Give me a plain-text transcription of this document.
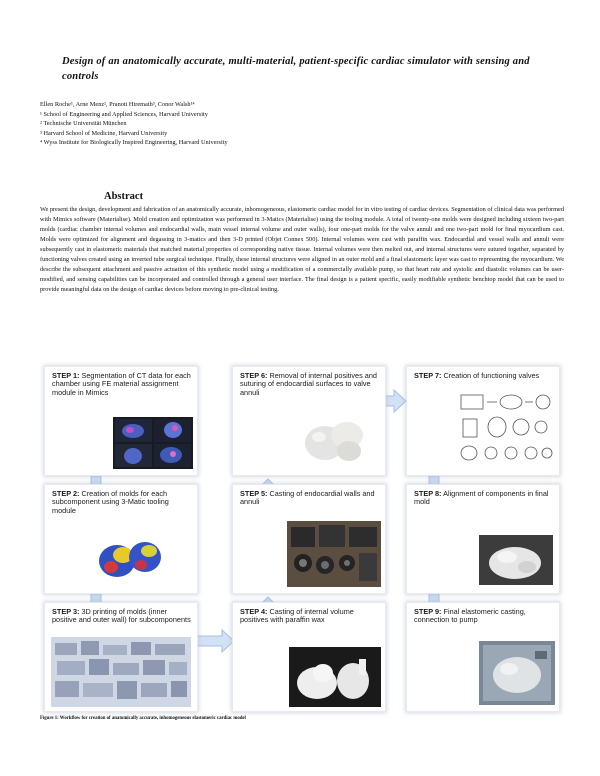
Design of an anatomically accurate, multi-material, patient-specific cardiac simulator with sensing and controls
Ellen Roche¹, Arne Menz², Pranoti Hiremath³, Conor Walsh¹⁴
¹ School of Engineering and Applied Sciences, Harvard University
² Technische Universität München
³ Harvard School of Medicine, Harvard University
⁴ Wyss Institute for Biologically Inspired Engineering, Harvard University
Abstract
We present the design, development and fabrication of an anatomically accurate, inhomogeneous, elastomeric cardiac model for in vitro testing of cardiac devices. Segmentation of clinical data was performed with Mimics software (Materialise). Mold creation and optimization was performed in 3-Matics (Materialise) using the tooling module. A total of twenty-one molds were designed including sixteen two-part molds (cardiac chamber internal volumes and endocardial walls, main vessel internal volume and outer walls), four one-part molds for the valve annuli and one two-part mold for final myocardium cast. Molds were optimized for alignment and degassing in 3-matics and then 3-D printed (Objet Connex 500). Internal volumes were cast with paraffin wax. Endocardial and vessel walls and annuli were subsequently cast in elastomeric materials that matched material properties of corresponding native tissue. Internal volumes were then melted out, and internal structures were sutured together, separated by functioning valves created using an inverted tube surgical technique. Finally, these internal structures were aligned in an outer mold and a final elastomeric layer was cast to representing the myocardium. We describe the subsequent attachment and passive actuation of this synthetic model using a modification of a commercially available pump, so that heart rate and systolic and diastolic volumes can be user-modified, and sensing capabilities can be incorporated and controlled through a general user interface. The final design is a patient specific, easily modifiable synthetic benchtop model that can be used to provide meaningful data on the design of cardiac devices before moving to pre-clinical testing.
STEP 1: Segmentation of CT data for each chamber using FE material assignment module in Mimics
STEP 2: Creation of molds for each subcomponent using 3-Matic tooling module
STEP 3: 3D printing of molds (inner positive and outer wall) for subcomponents
STEP 4: Casting of internal volume positives with paraffin wax
STEP 5: Casting of endocardial walls and annuli
STEP 6: Removal of internal positives and suturing of endocardial surfaces to valve annuli
STEP 7: Creation of functioning valves
STEP 8: Alignment of components in final mold
STEP 9: Final elastomeric casting, connection to pump
Figure 1: Workflow for creation of anatomically accurate, inhomogeneous elastomeric cardiac model
